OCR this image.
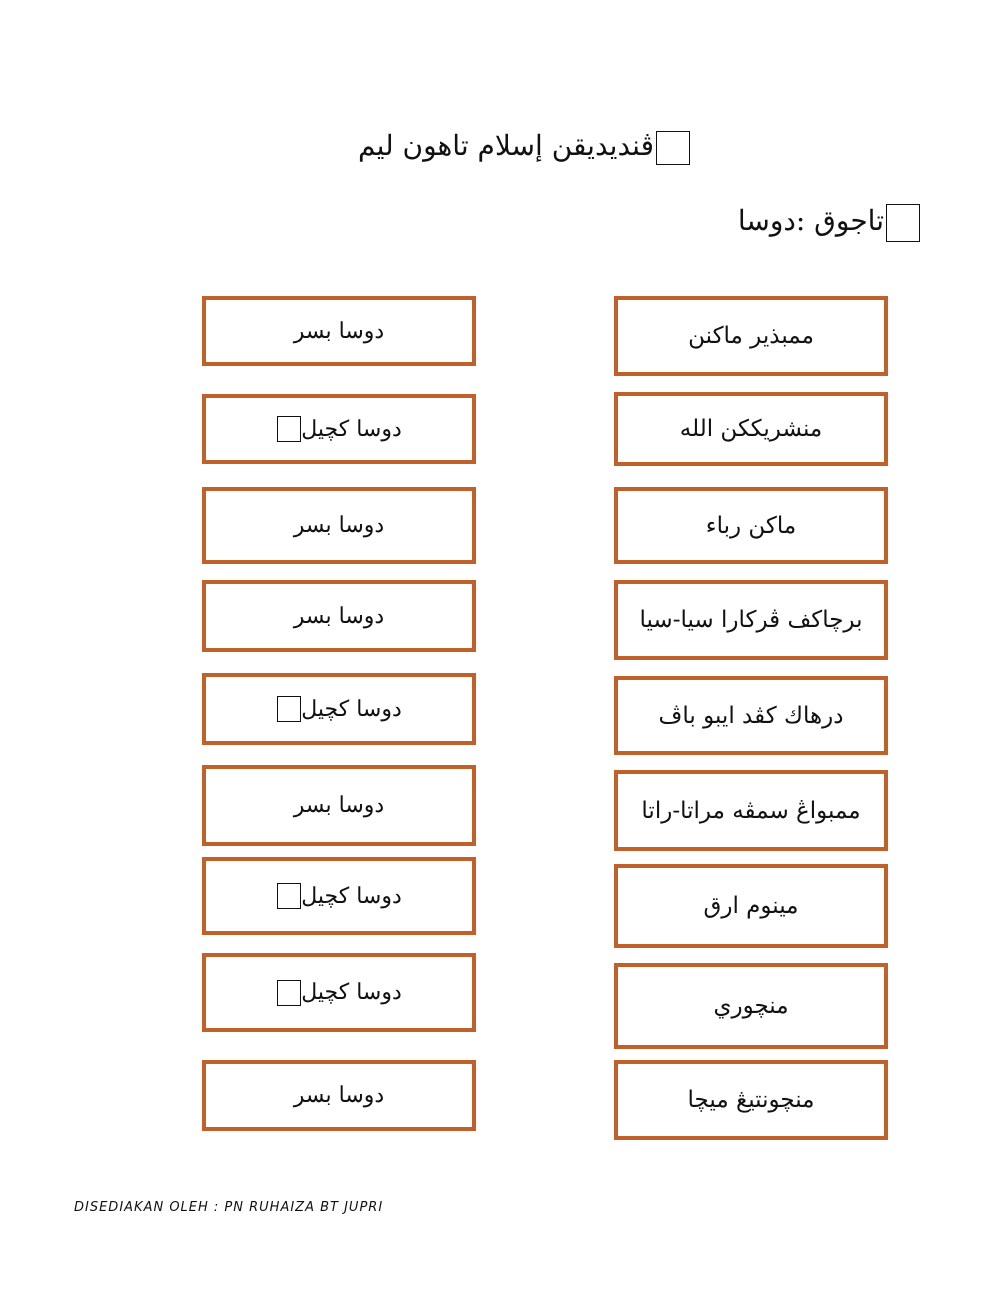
ڤنديديقن إسلام تاهون ليم
تاجوق :دوسا
دوسا بسر
دوسا کچيل
دوسا بسر
دوسا بسر
دوسا کچيل
دوسا بسر
دوسا کچيل
دوسا کچيل
دوسا بسر
ممبذير ماكنن
منشريككن الله
ماكن رباء
برچاكف ڤركارا سيا-سيا
درهاك كڤد ايبو باڤ
ممبواڠ سمڤه مراتا-راتا
مينوم ارق
منچوري
منچونتيڠ ميچا
DISEDIAKAN OLEH : PN RUHAIZA BT JUPRI
